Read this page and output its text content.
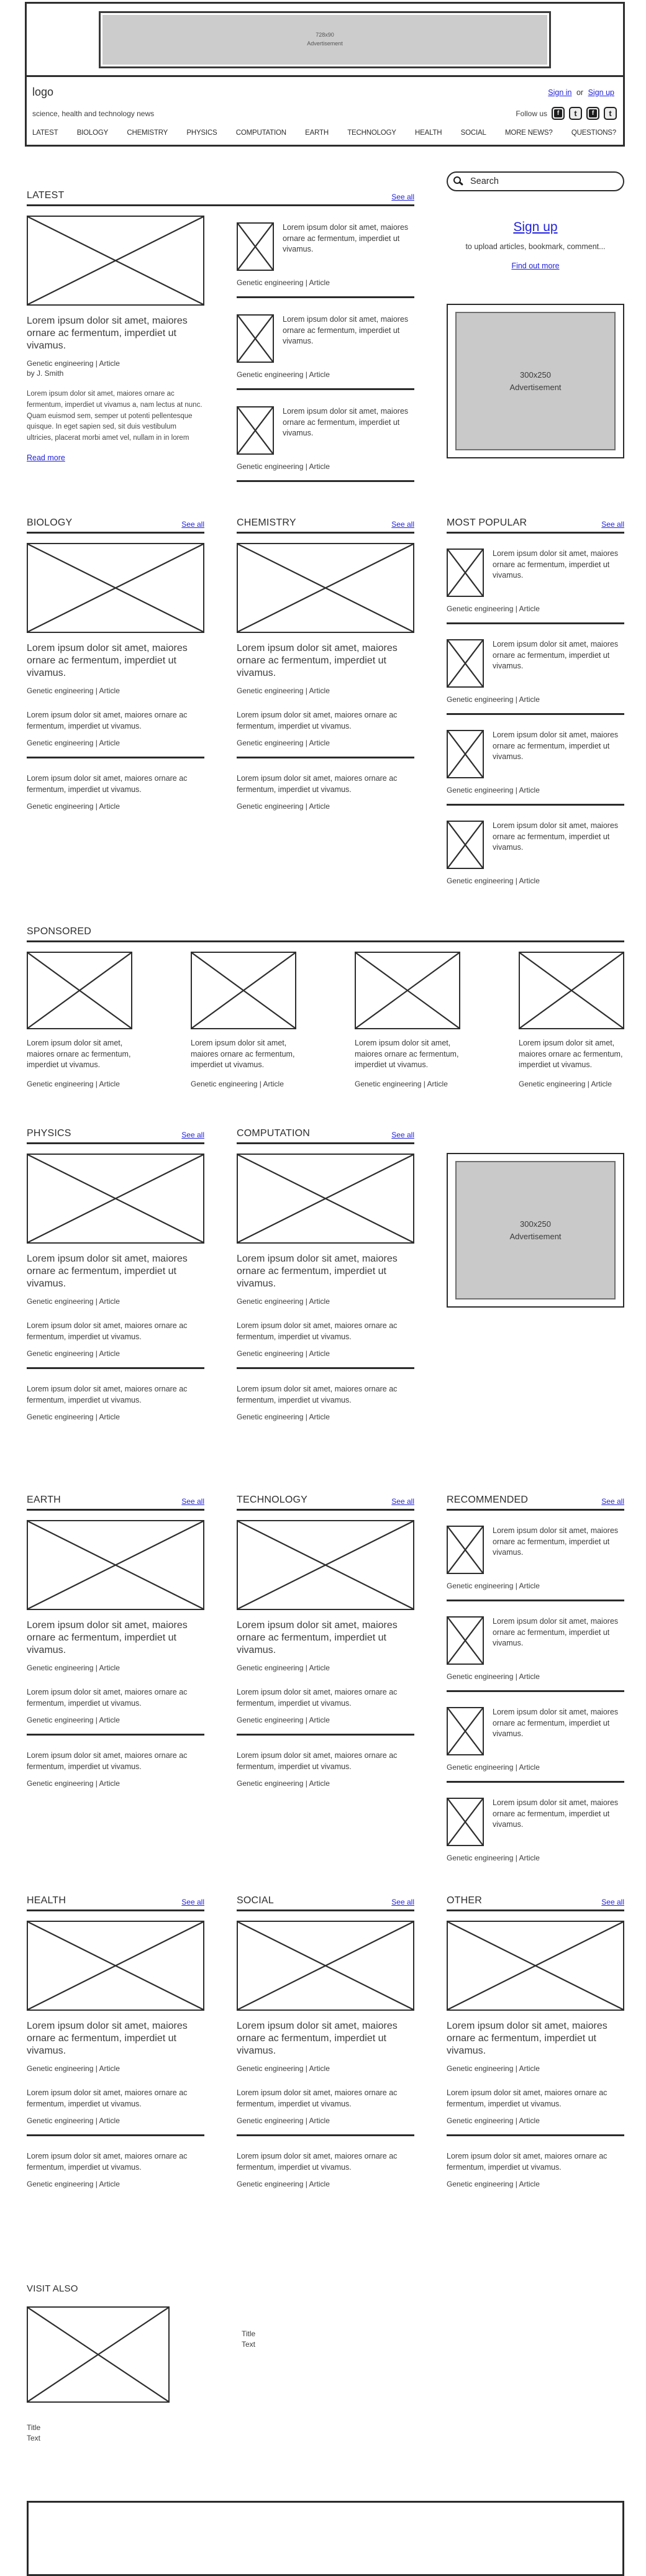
728x90
Advertisement
logo	Sign in or Sign up
science, health and technology news	Follow us	f	t	f	t
LATEST	BIOLOGY	CHEMISTRY	PHYSICS	COMPUTATION	EARTH	TECHNOLOGY	HEALTH	SOCIAL	MORE NEWS?	QUESTIONS?
LATEST	See all
Lorem ipsum dolor sit amet, maiores ornare ac fermentum, imperdiet ut vivamus.
Genetic engineering | Article
by J. Smith
Lorem ipsum dolor sit amet, maiores ornare ac fermentum, imperdiet ut vivamus a, nam lectus at nunc. Quam euismod sem, semper ut potenti pellentesque quisque. In eget sapien sed, sit duis vestibulum ultricies, placerat morbi amet vel, nullam in in lorem
Read more
Lorem ipsum dolor sit amet, maiores ornare ac fermentum, imperdiet ut vivamus.
Genetic engineering | Article
Lorem ipsum dolor sit amet, maiores ornare ac fermentum, imperdiet ut vivamus.
Genetic engineering | Article
Lorem ipsum dolor sit amet, maiores ornare ac fermentum, imperdiet ut vivamus.
Genetic engineering | Article
Search
Sign up
to upload articles, bookmark, comment...
Find out more
300x250
Advertisement
BIOLOGY	See all
Lorem ipsum dolor sit amet, maiores ornare ac fermentum, imperdiet ut vivamus.
Genetic engineering | Article
Lorem ipsum dolor sit amet, maiores ornare ac fermentum, imperdiet ut vivamus.
Genetic engineering | Article
Lorem ipsum dolor sit amet, maiores ornare ac fermentum, imperdiet ut vivamus.
Genetic engineering | Article
CHEMISTRY	See all
Lorem ipsum dolor sit amet, maiores ornare ac fermentum, imperdiet ut vivamus.
Genetic engineering | Article
Lorem ipsum dolor sit amet, maiores ornare ac fermentum, imperdiet ut vivamus.
Genetic engineering | Article
Lorem ipsum dolor sit amet, maiores ornare ac fermentum, imperdiet ut vivamus.
Genetic engineering | Article
MOST POPULAR	See all
Lorem ipsum dolor sit amet, maiores ornare ac fermentum, imperdiet ut vivamus.
Genetic engineering | Article
Lorem ipsum dolor sit amet, maiores ornare ac fermentum, imperdiet ut vivamus.
Genetic engineering | Article
Lorem ipsum dolor sit amet, maiores ornare ac fermentum, imperdiet ut vivamus.
Genetic engineering | Article
Lorem ipsum dolor sit amet, maiores ornare ac fermentum, imperdiet ut vivamus.
Genetic engineering | Article
SPONSORED
Lorem ipsum dolor sit amet, maiores ornare ac fermentum, imperdiet ut vivamus.
Genetic engineering | Article
Lorem ipsum dolor sit amet, maiores ornare ac fermentum, imperdiet ut vivamus.
Genetic engineering | Article
Lorem ipsum dolor sit amet, maiores ornare ac fermentum, imperdiet ut vivamus.
Genetic engineering | Article
Lorem ipsum dolor sit amet, maiores ornare ac fermentum, imperdiet ut vivamus.
Genetic engineering | Article
PHYSICS	See all
Lorem ipsum dolor sit amet, maiores ornare ac fermentum, imperdiet ut vivamus.
Genetic engineering | Article
Lorem ipsum dolor sit amet, maiores ornare ac fermentum, imperdiet ut vivamus.
Genetic engineering | Article
Lorem ipsum dolor sit amet, maiores ornare ac fermentum, imperdiet ut vivamus.
Genetic engineering | Article
COMPUTATION	See all
Lorem ipsum dolor sit amet, maiores ornare ac fermentum, imperdiet ut vivamus.
Genetic engineering | Article
Lorem ipsum dolor sit amet, maiores ornare ac fermentum, imperdiet ut vivamus.
Genetic engineering | Article
Lorem ipsum dolor sit amet, maiores ornare ac fermentum, imperdiet ut vivamus.
Genetic engineering | Article
300x250
Advertisement
EARTH	See all
Lorem ipsum dolor sit amet, maiores ornare ac fermentum, imperdiet ut vivamus.
Genetic engineering | Article
Lorem ipsum dolor sit amet, maiores ornare ac fermentum, imperdiet ut vivamus.
Genetic engineering | Article
Lorem ipsum dolor sit amet, maiores ornare ac fermentum, imperdiet ut vivamus.
Genetic engineering | Article
TECHNOLOGY	See all
Lorem ipsum dolor sit amet, maiores ornare ac fermentum, imperdiet ut vivamus.
Genetic engineering | Article
Lorem ipsum dolor sit amet, maiores ornare ac fermentum, imperdiet ut vivamus.
Genetic engineering | Article
Lorem ipsum dolor sit amet, maiores ornare ac fermentum, imperdiet ut vivamus.
Genetic engineering | Article
RECOMMENDED	See all
Lorem ipsum dolor sit amet, maiores ornare ac fermentum, imperdiet ut vivamus.
Genetic engineering | Article
Lorem ipsum dolor sit amet, maiores ornare ac fermentum, imperdiet ut vivamus.
Genetic engineering | Article
Lorem ipsum dolor sit amet, maiores ornare ac fermentum, imperdiet ut vivamus.
Genetic engineering | Article
Lorem ipsum dolor sit amet, maiores ornare ac fermentum, imperdiet ut vivamus.
Genetic engineering | Article
HEALTH	See all
Lorem ipsum dolor sit amet, maiores ornare ac fermentum, imperdiet ut vivamus.
Genetic engineering | Article
Lorem ipsum dolor sit amet, maiores ornare ac fermentum, imperdiet ut vivamus.
Genetic engineering | Article
Lorem ipsum dolor sit amet, maiores ornare ac fermentum, imperdiet ut vivamus.
Genetic engineering | Article
SOCIAL	See all
Lorem ipsum dolor sit amet, maiores ornare ac fermentum, imperdiet ut vivamus.
Genetic engineering | Article
Lorem ipsum dolor sit amet, maiores ornare ac fermentum, imperdiet ut vivamus.
Genetic engineering | Article
Lorem ipsum dolor sit amet, maiores ornare ac fermentum, imperdiet ut vivamus.
Genetic engineering | Article
OTHER	See all
Lorem ipsum dolor sit amet, maiores ornare ac fermentum, imperdiet ut vivamus.
Genetic engineering | Article
Lorem ipsum dolor sit amet, maiores ornare ac fermentum, imperdiet ut vivamus.
Genetic engineering | Article
Lorem ipsum dolor sit amet, maiores ornare ac fermentum, imperdiet ut vivamus.
Genetic engineering | Article
VISIT ALSO
Title
Text
Title
Text
